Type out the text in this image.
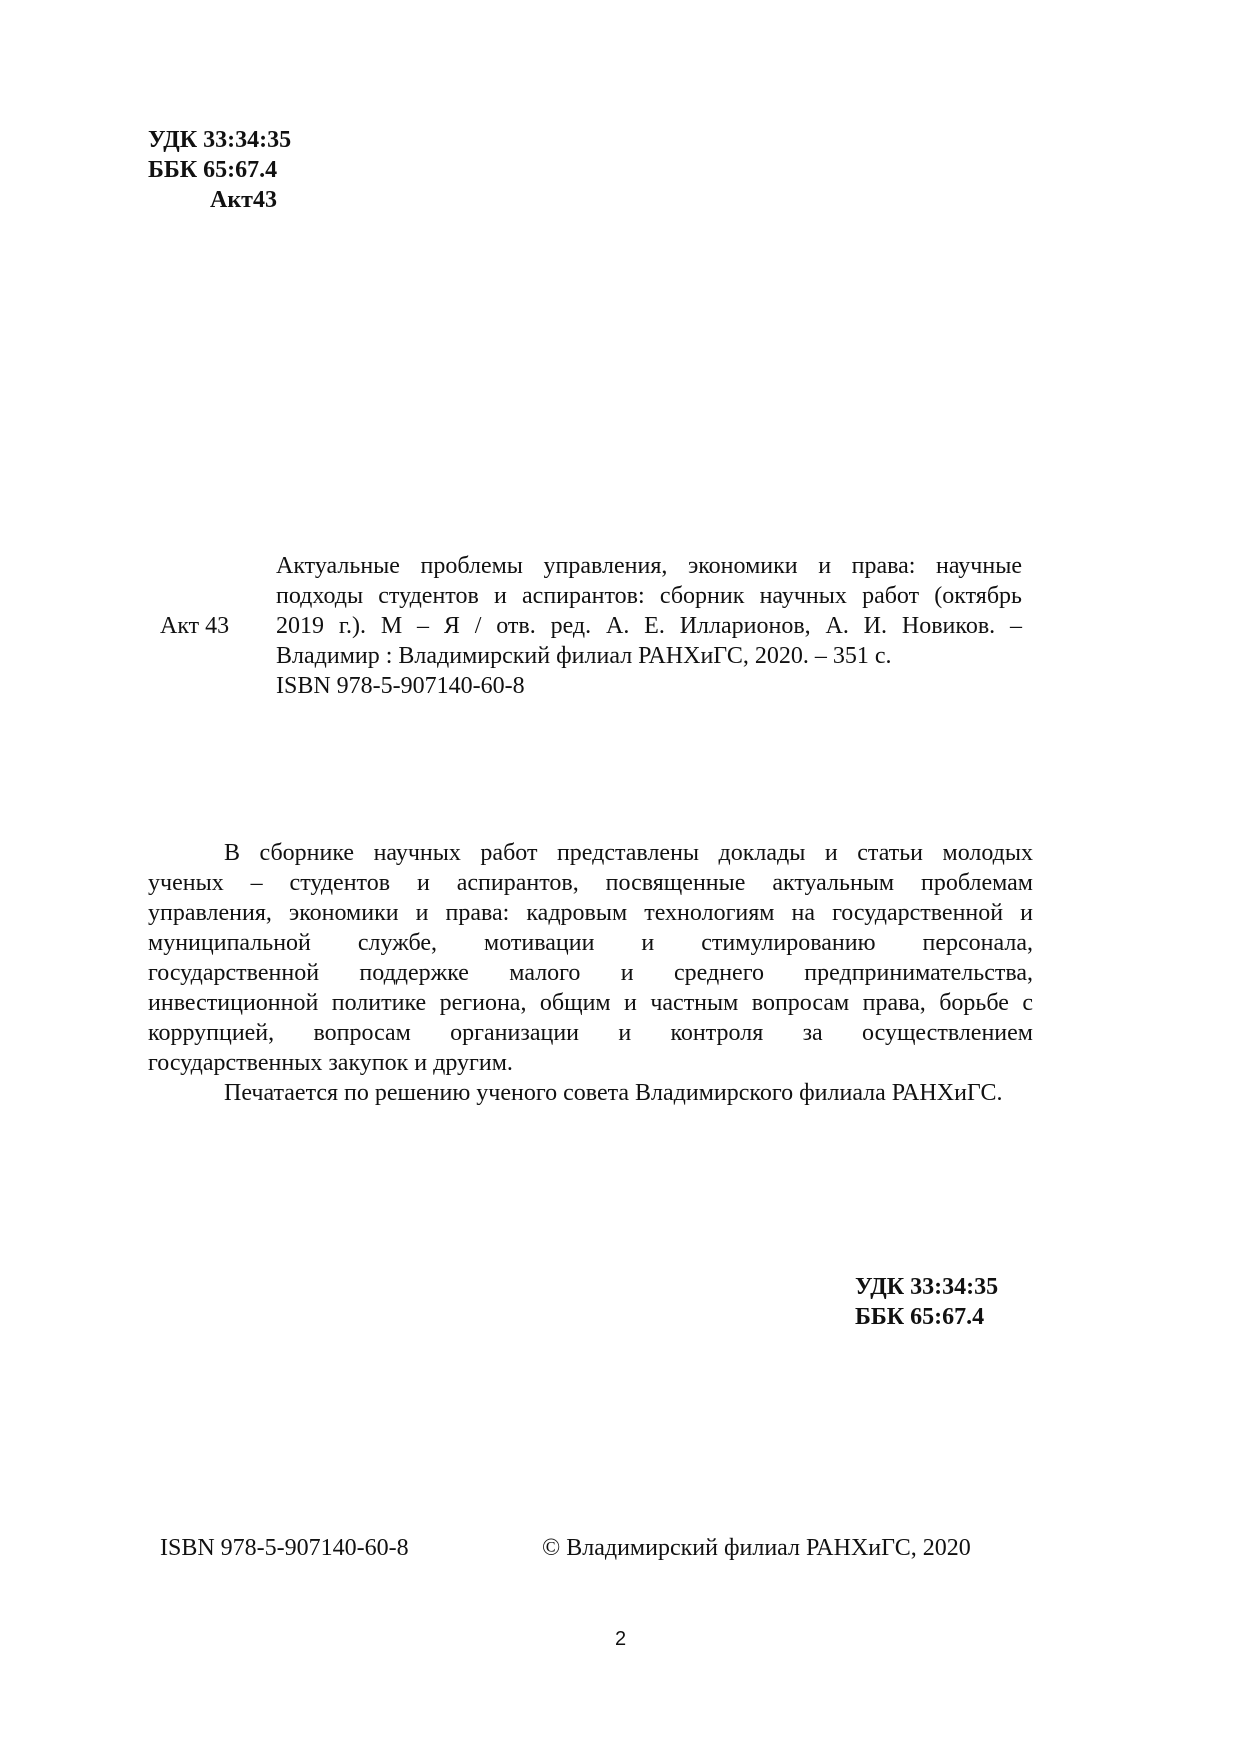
УДК 33:34:35
ББК 65:67.4
Акт43
Акт 43
Актуальные проблемы управления, экономики и права: научные
подходы студентов и аспирантов: сборник научных работ (октябрь
2019 г.). М – Я / отв. ред. А. Е. Илларионов, А. И. Новиков. –
Владимир : Владимирский филиал РАНХиГС, 2020. – 351 с.
ISBN 978-5-907140-60-8
В сборнике научных работ представлены доклады и статьи молодых
ученых – студентов и аспирантов, посвященные актуальным проблемам
управления, экономики и права: кадровым технологиям на государственной и
муниципальной службе, мотивации и стимулированию персонала,
государственной поддержке малого и среднего предпринимательства,
инвестиционной политике региона, общим и частным вопросам права, борьбе с
коррупцией, вопросам организации и контроля за осуществлением
государственных закупок и другим.
Печатается по решению ученого совета Владимирского филиала РАНХиГС.
УДК 33:34:35
ББК 65:67.4
ISBN 978-5-907140-60-8	© Владимирский филиал РАНХиГС, 2020
2
